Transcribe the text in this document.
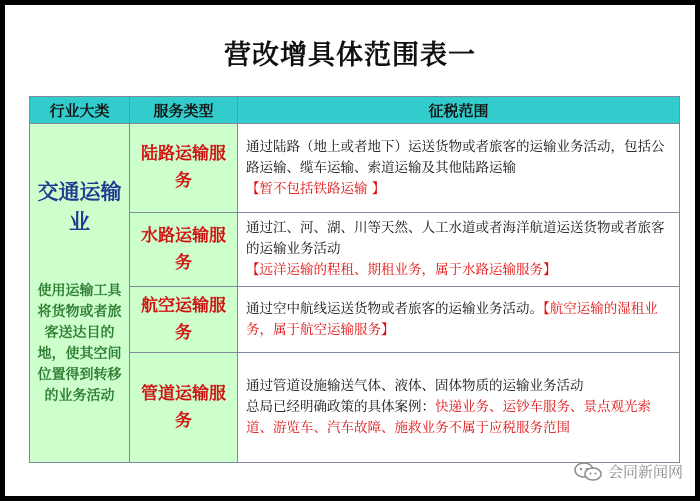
营改增具体范围表一
行业大类	服务类型	征税范围

交通运输业
使用运输工具将货物或者旅客送达目的地，使其空间位置得到转移的业务活动	陆路运输服务	通过陆路（地上或者地下）运送货物或者旅客的运输业务活动，包括公路运输、缆车运输、索道运输及其他陆路运输
【暂不包括铁路运输 】
	水路运输服务	通过江、河、湖、川等天然、人工水道或者海洋航道运送货物或者旅客的运输业务活动
【远洋运输的程租、期租业务，属于水路运输服务】
	航空运输服务	通过空中航线运送货物或者旅客的运输业务活动。【航空运输的湿租业务，属于航空运输服务】
	管道运输服务	通过管道设施输送气体、液体、固体物质的运输业务活动
总局已经明确政策的具体案例：快递业务、运钞车服务、景点观光索道、游览车、汽车故障、施救业务不属于应税服务范围
会同新闻网
